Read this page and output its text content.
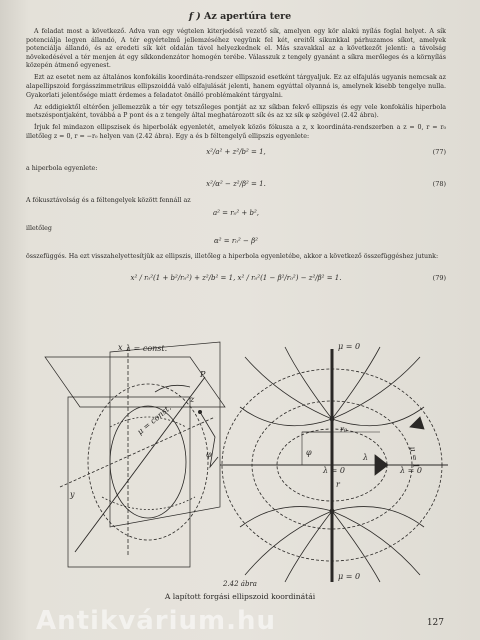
f ) Az apertúra tere

A feladat most a következő. Adva van egy végtelen kiterjedésű vezető sík, amelyen egy kör alakú nyílás foglal helyet. A sík potenciálja legyen állandó, A tér egyértelmű jellemzéséhez vegyünk fel két, ereitől sikunkkal párhuzamos síkot, amelyek potenciálja állandó, és az eredeti sík két oldalán távol helyezkednek el. Más szavakkal az a következőt jelenti: a távolság növekedésével a tér menjen át egy síkkondenzátor homogén terébe. Válasszuk z tengely gyanánt a síkra merőleges és a környílás közepén átmenő egyenest.

Ezt az esetet nem az általános konfokális koordináta-rendszer ellipszoid esetként tárgyaljuk. Ez az elfajulás ugyanis nemcsak az alapellipszoid forgásszimmetrikus ellipszoiddá való elfajulását jelenti, hanem egyúttal olyanná is, amelynek kisebb tengelye nulla. Gyakorlati jelentősége miatt érdemes a feladatot önálló problémaként tárgyalni.

Az eddigiektől eltérően jellemezzük a tér egy tetszőleges pontját az xz síkban fekvő ellipszis és egy vele konfokális hiperbola metszéspontjaként, továbbá a P pont és a z tengely által meghatározott sík és az xz sík φ szögével (2.42 ábra).

Írjuk fel mindazon ellipszisek és hiperbolák egyenletét, amelyek közös fókusza a z, x koordináta-rendszerben a z = 0, r = r₀ illetőleg z = 0, r = −r₀ helyen van (2.42 ábra). Egy a és b féltengelyű ellipszis egyenlete:

x²/a² + z²/b² = 1,	(77)

a hiperbola egyenlete:

x²/α² − z²/β² = 1.	(78)

A fókusztávolság és a féltengelyek között fennáll az

a² = r₀² + b²,

illetőleg

α² = r₀² − β²

összefüggés. Ha ezt visszahelyettesítjük az ellipszis, illetőleg a hiperbola egyenletébe, akkor a következő összefüggéshez jutunk:

x² / r₀²(1 + b²/r₀²) + z²/b² = 1, x² / r₀²(1 − β²/r₀²) − z²/β² = 1.	(79)
λ = const.
μ = const.
P
x
y
z
φ
μ = 0
μ = 0
λ = 0	λ = 0
μ = 1
λ
r
φ
r₀
2.42 ábra
A lapított forgási ellipszoid koordinátái
Antikvárium.hu	127
